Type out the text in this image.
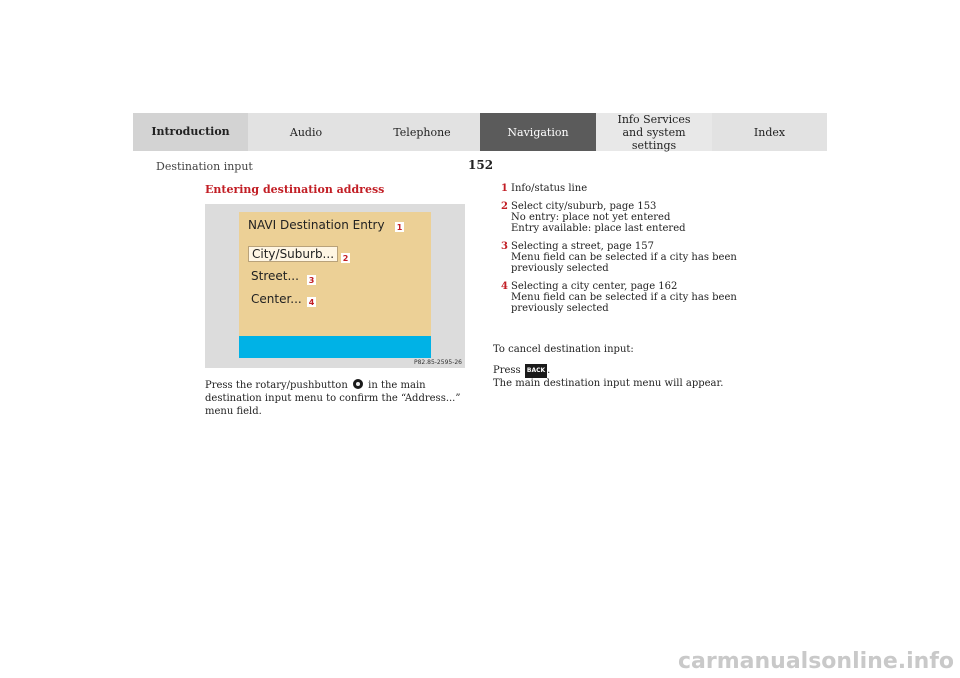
Introduction	Audio	Telephone	Navigation
Info Services and system settings
Index
Destination input	152
Entering destination address
NAVI Destination Entry
City/Suburb...
Street...
Center...
1
2
3
4
P82.85-2595-26
Press the rotary/pushbutton in the main destination input menu to confirm the “Address...” menu field.
1 Info/status line
2 Select city/suburb, page 153
No entry: place not yet entered
Entry available: place last entered
3 Selecting a street, page 157
Menu field can be selected if a city has been
previously selected
4 Selecting a city center, page 162
Menu field can be selected if a city has been
previously selected
To cancel destination input:
Press BACK .
The main destination input menu will appear.
carmanualsonline.info
